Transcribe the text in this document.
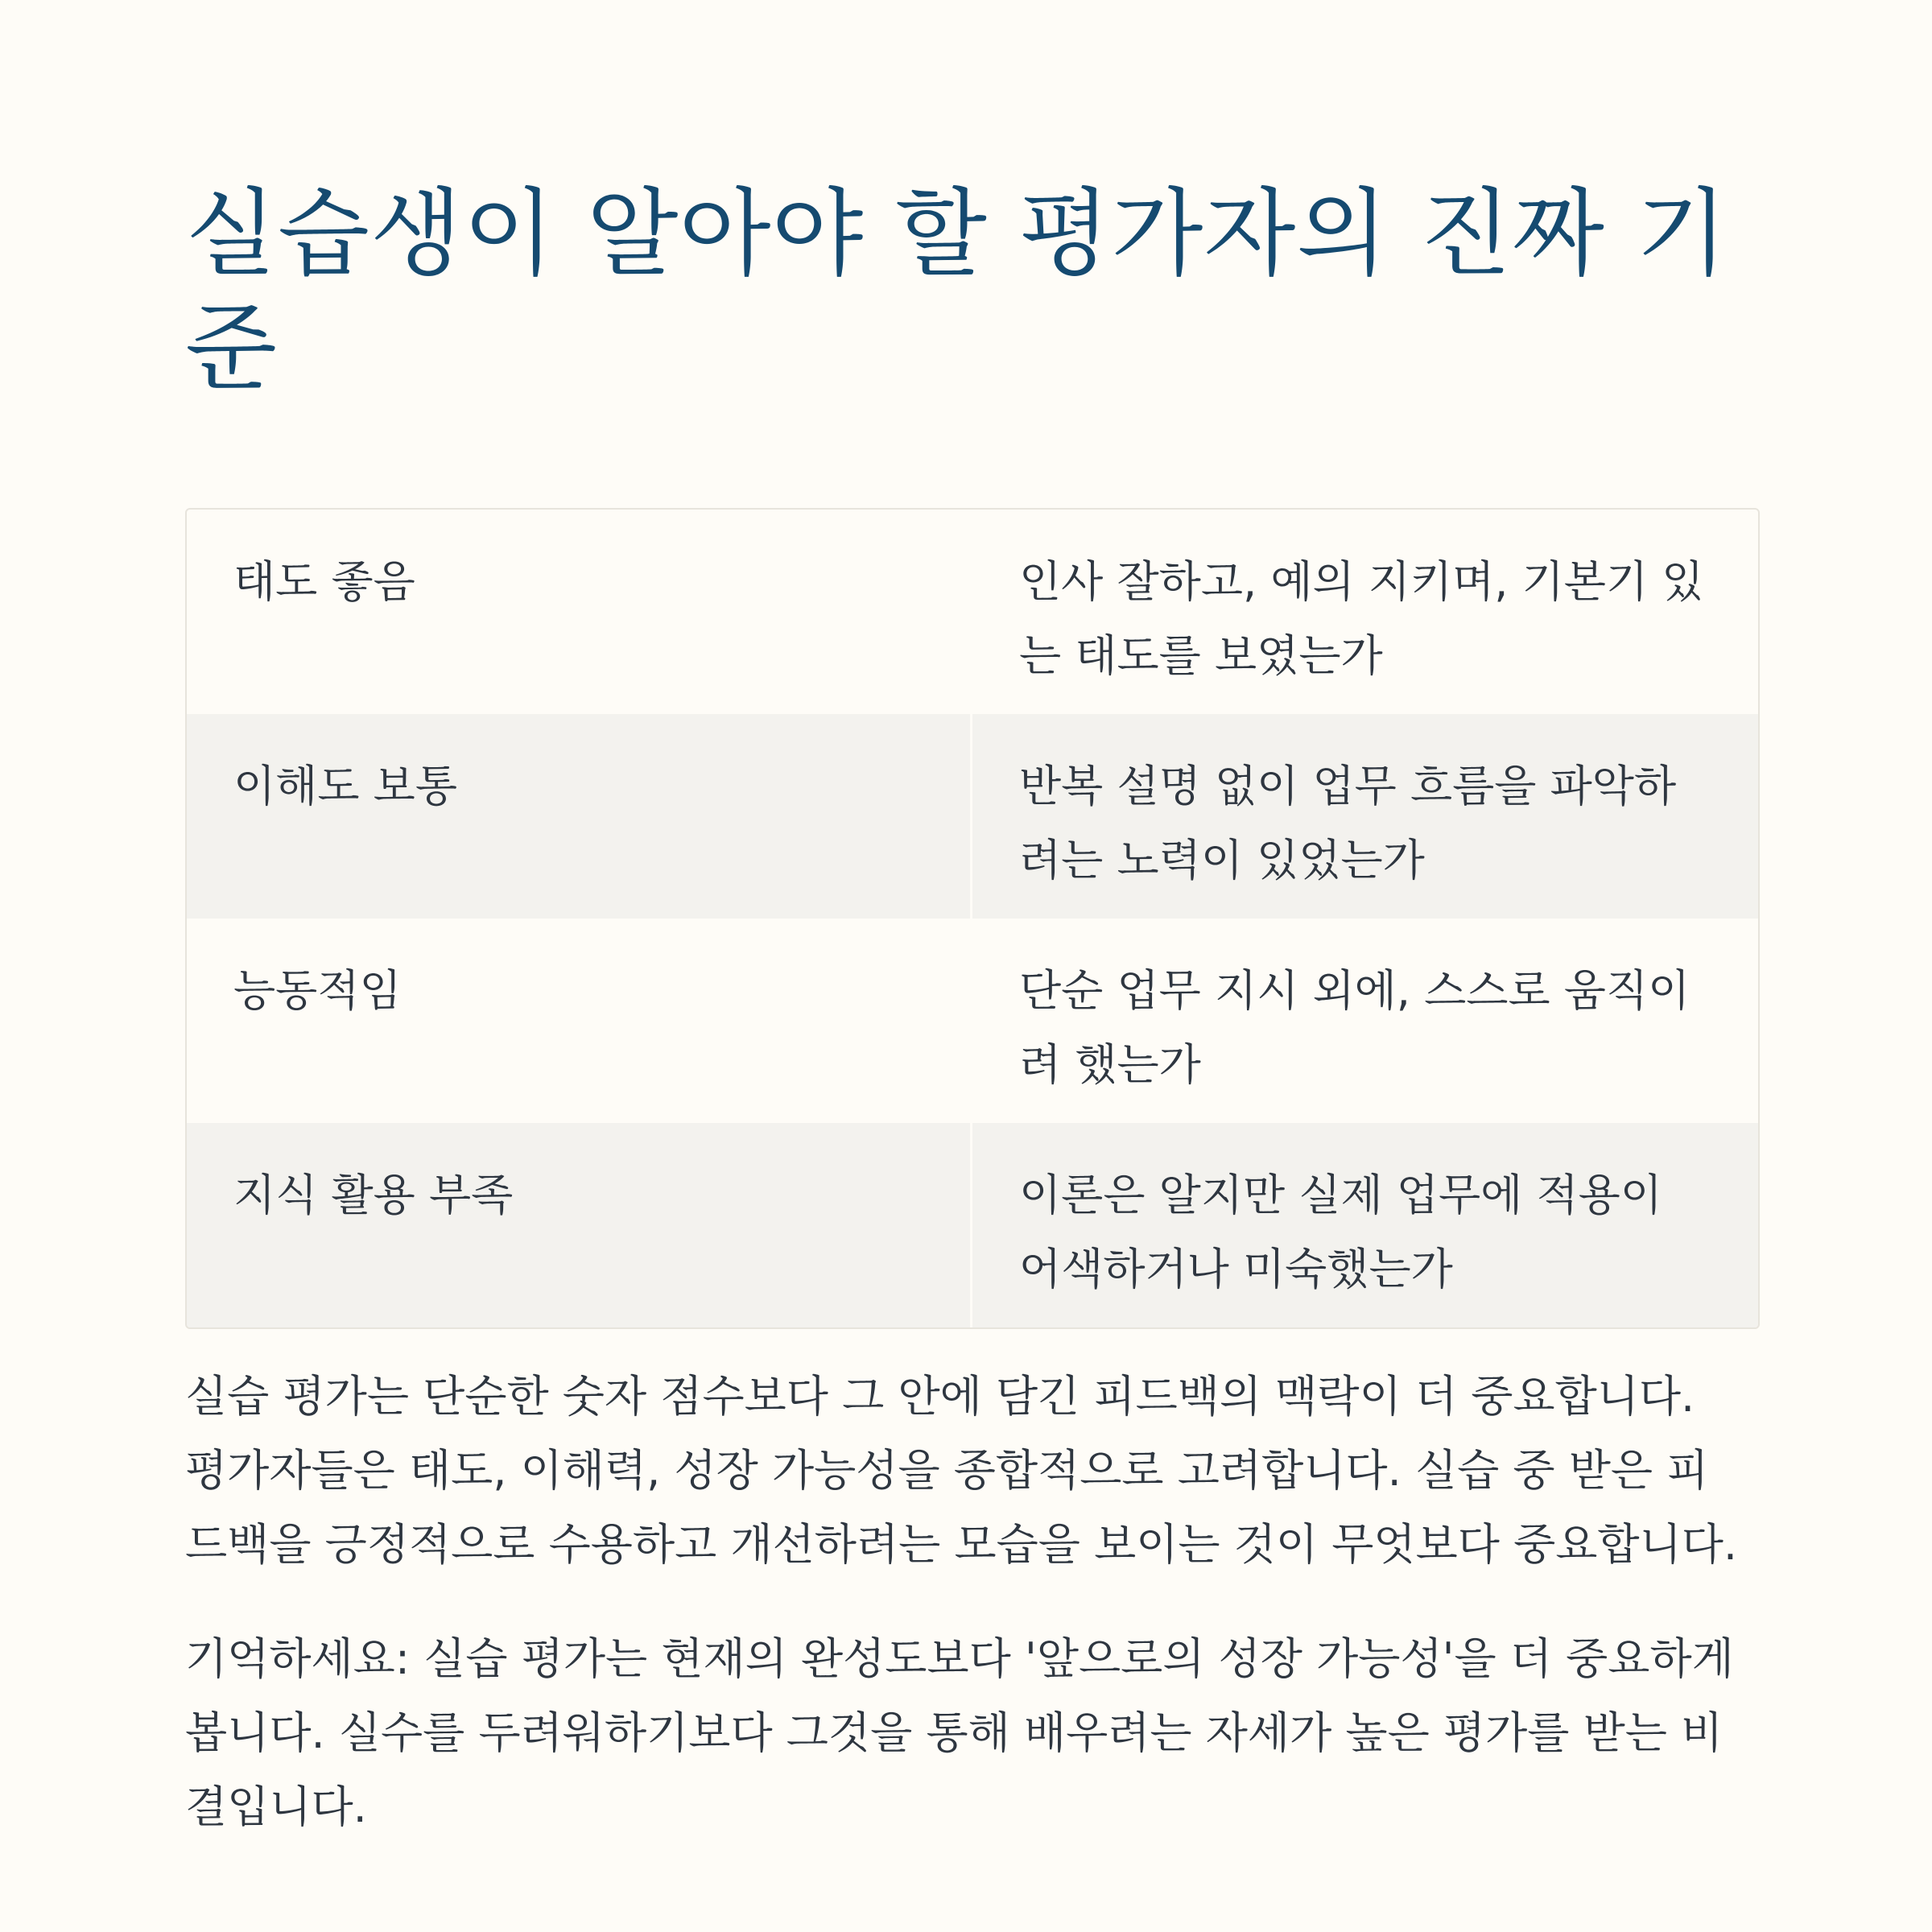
실습생이 알아야 할 평가자의 진짜 기준
태도 좋음	인사 잘하고, 예의 지키며, 기본기 있는 태도를 보였는가
이해도 보통	반복 설명 없이 업무 흐름을 파악하려는 노력이 있었는가
능동적임	단순 업무 지시 외에, 스스로 움직이려 했는가
지식 활용 부족	이론은 알지만 실제 업무에 적용이 어색하거나 미숙했는가

실습 평가는 단순한 숫자 점수보다 그 안에 담긴 피드백의 맥락이 더 중요합니다. 평가자들은 태도, 이해력, 성장 가능성을 종합적으로 고려합니다. 실습 중 받은 피드백을 긍정적으로 수용하고 개선하려는 모습을 보이는 것이 무엇보다 중요합니다.

기억하세요: 실습 평가는 현재의 완성도보다 '앞으로의 성장 가능성'을 더 중요하게 봅니다. 실수를 두려워하기보다 그것을 통해 배우려는 자세가 높은 평가를 받는 비결입니다.
